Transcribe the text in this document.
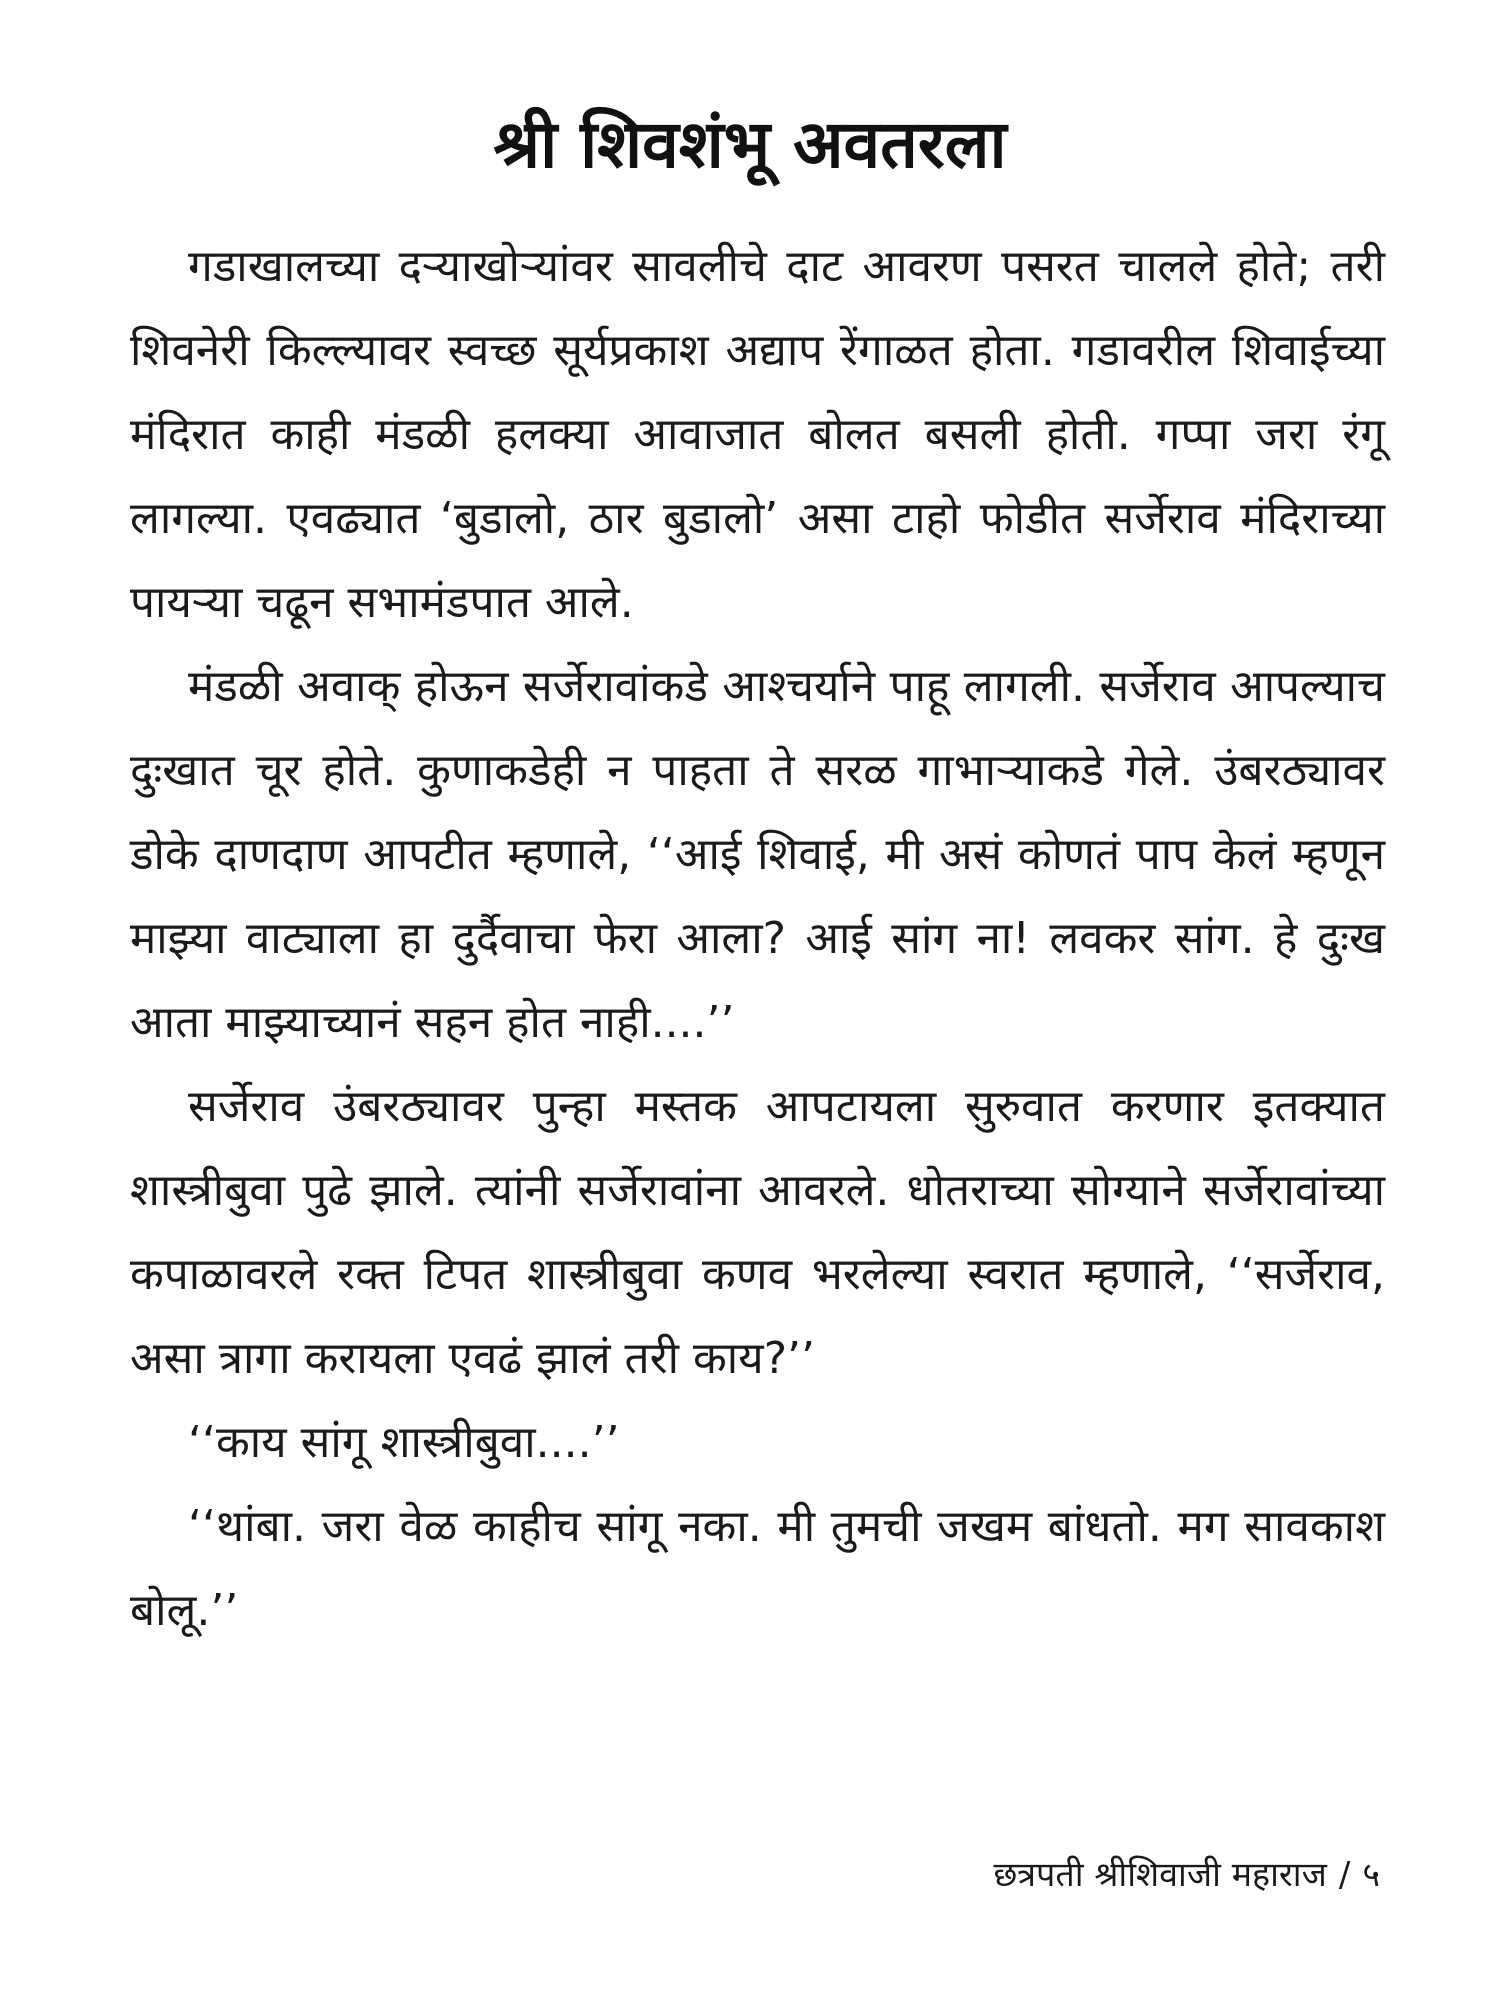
श्री शिवशंभू अवतरला

गडाखालच्या दऱ्याखोऱ्यांवर सावलीचे दाट आवरण पसरत चालले होते; तरी शिवनेरी किल्ल्यावर स्वच्छ सूर्यप्रकाश अद्याप रेंगाळत होता. गडावरील शिवाईच्या मंदिरात काही मंडळी हलक्या आवाजात बोलत बसली होती. गप्पा जरा रंगू लागल्या. एवढ्यात ‘बुडालो, ठार बुडालो’ असा टाहो फोडीत सर्जेराव मंदिराच्या पायऱ्या चढून सभामंडपात आले.

मंडळी अवाक् होऊन सर्जेरावांकडे आश्चर्याने पाहू लागली. सर्जेराव आपल्याच दुःखात चूर होते. कुणाकडेही न पाहता ते सरळ गाभाऱ्याकडे गेले. उंबरठ्यावर डोके दाणदाण आपटीत म्हणाले, ‘‘आई शिवाई, मी असं कोणतं पाप केलं म्हणून माझ्या वाट्याला हा दुर्दैवाचा फेरा आला? आई सांग ना! लवकर सांग. हे दुःख आता माझ्याच्यानं सहन होत नाही....’’

सर्जेराव उंबरठ्यावर पुन्हा मस्तक आपटायला सुरुवात करणार इतक्यात शास्त्रीबुवा पुढे झाले. त्यांनी सर्जेरावांना आवरले. धोतराच्या सोग्याने सर्जेरावांच्या कपाळावरले रक्त टिपत शास्त्रीबुवा कणव भरलेल्या स्वरात म्हणाले, ‘‘सर्जेराव, असा त्रागा करायला एवढं झालं तरी काय?’’

‘‘काय सांगू शास्त्रीबुवा....’’

‘‘थांबा. जरा वेळ काहीच सांगू नका. मी तुमची जखम बांधतो. मग सावकाश बोलू.’’

छत्रपती श्रीशिवाजी महाराज / ५
